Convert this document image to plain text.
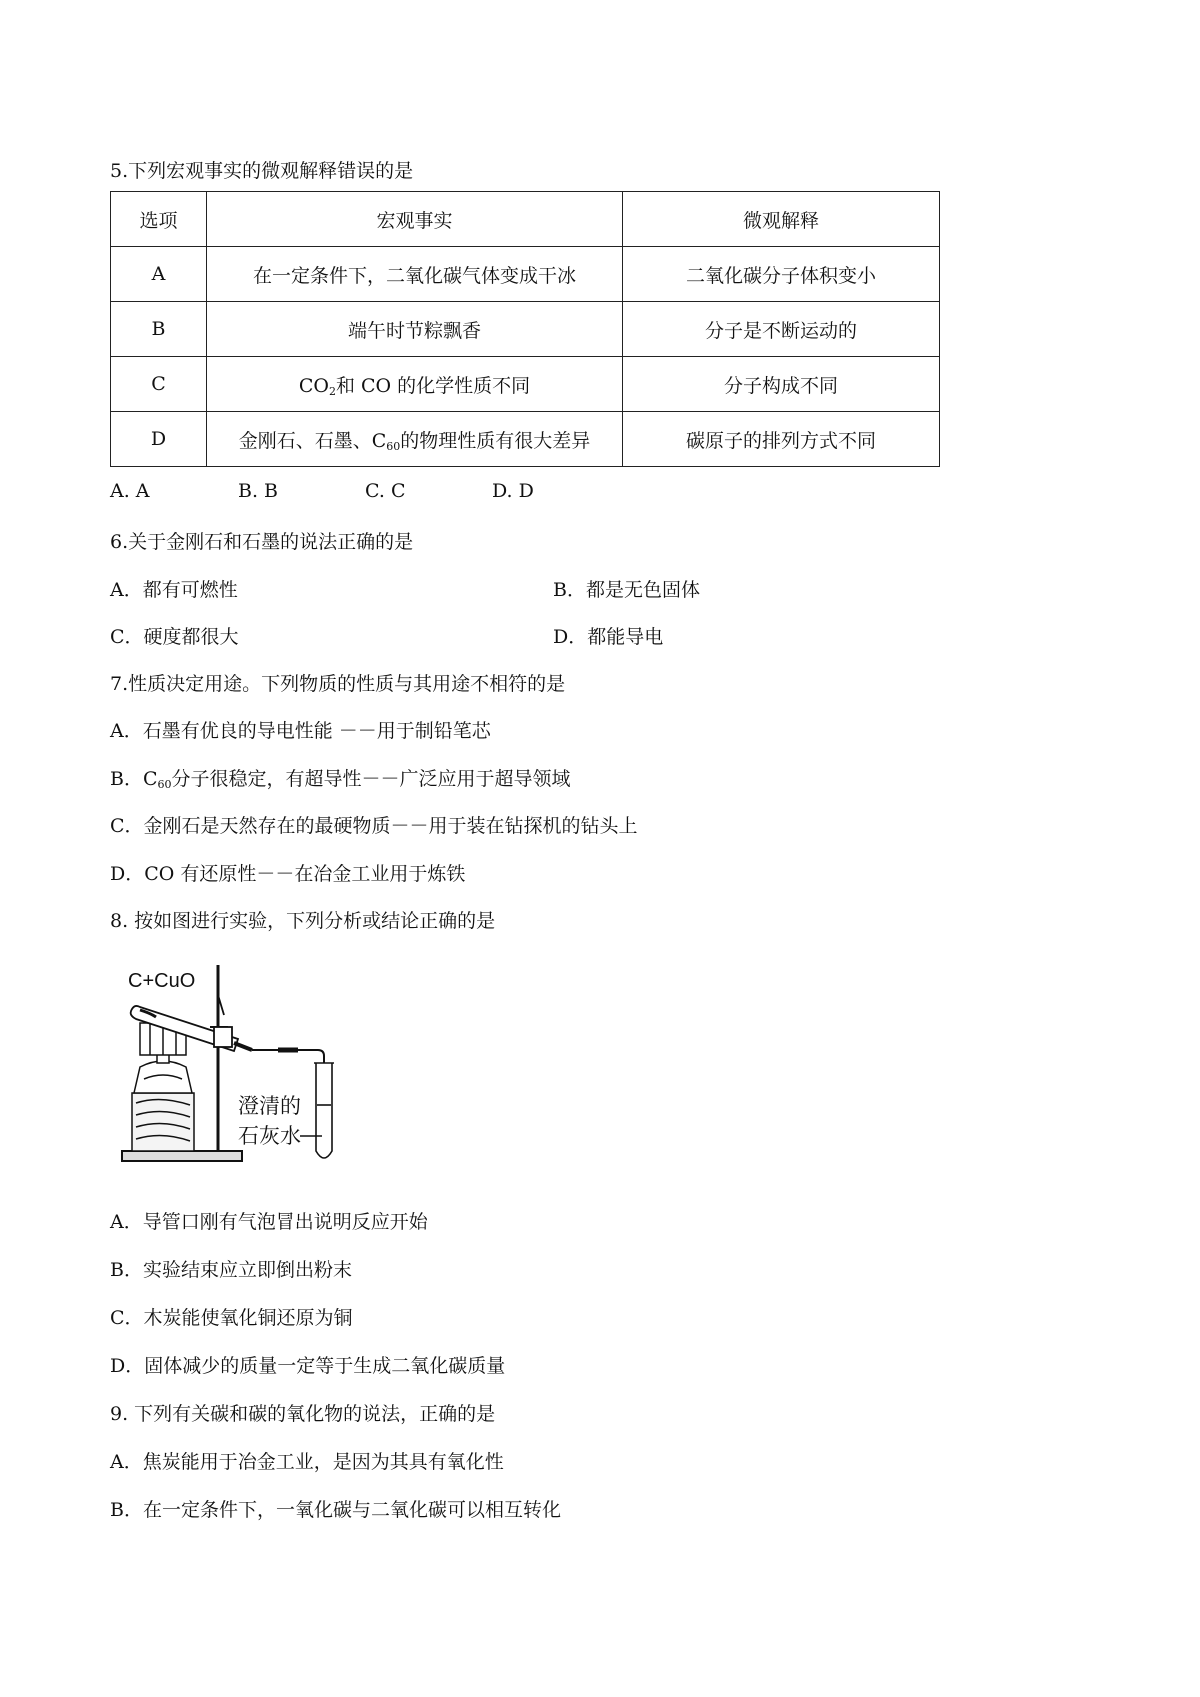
5.下列宏观事实的微观解释错误的是
选项	宏观事实	微观解释
A	在一定条件下，二氧化碳气体变成干冰	二氧化碳分子体积变小
B	端午时节粽飘香	分子是不断运动的
C	$CO_2$和 CO 的化学性质不同	分子构成不同
D	金刚石、石墨、$C_{60}$的物理性质有很大差异	碳原子的排列方式不同
A. A	B. B	C. C	D. D
6.关于金刚石和石墨的说法正确的是
A．都有可燃性	B．都是无色固体
C．硬度都很大	D．都能导电
7.性质决定用途。下列物质的性质与其用途不相符的是
A．石墨有优良的导电性能 －－用于制铅笔芯
B．$C_{60}$分子很稳定，有超导性－－广泛应用于超导领域
C．金刚石是天然存在的最硬物质－－用于装在钻探机的钻头上
D．CO 有还原性－－在冶金工业用于炼铁
8. 按如图进行实验，下列分析或结论正确的是
C+CuO
澄清的
石灰水
A．导管口刚有气泡冒出说明反应开始
B．实验结束应立即倒出粉末
C．木炭能使氧化铜还原为铜
D．固体减少的质量一定等于生成二氧化碳质量
9. 下列有关碳和碳的氧化物的说法，正确的是
A．焦炭能用于冶金工业，是因为其具有氧化性
B．在一定条件下，一氧化碳与二氧化碳可以相互转化
